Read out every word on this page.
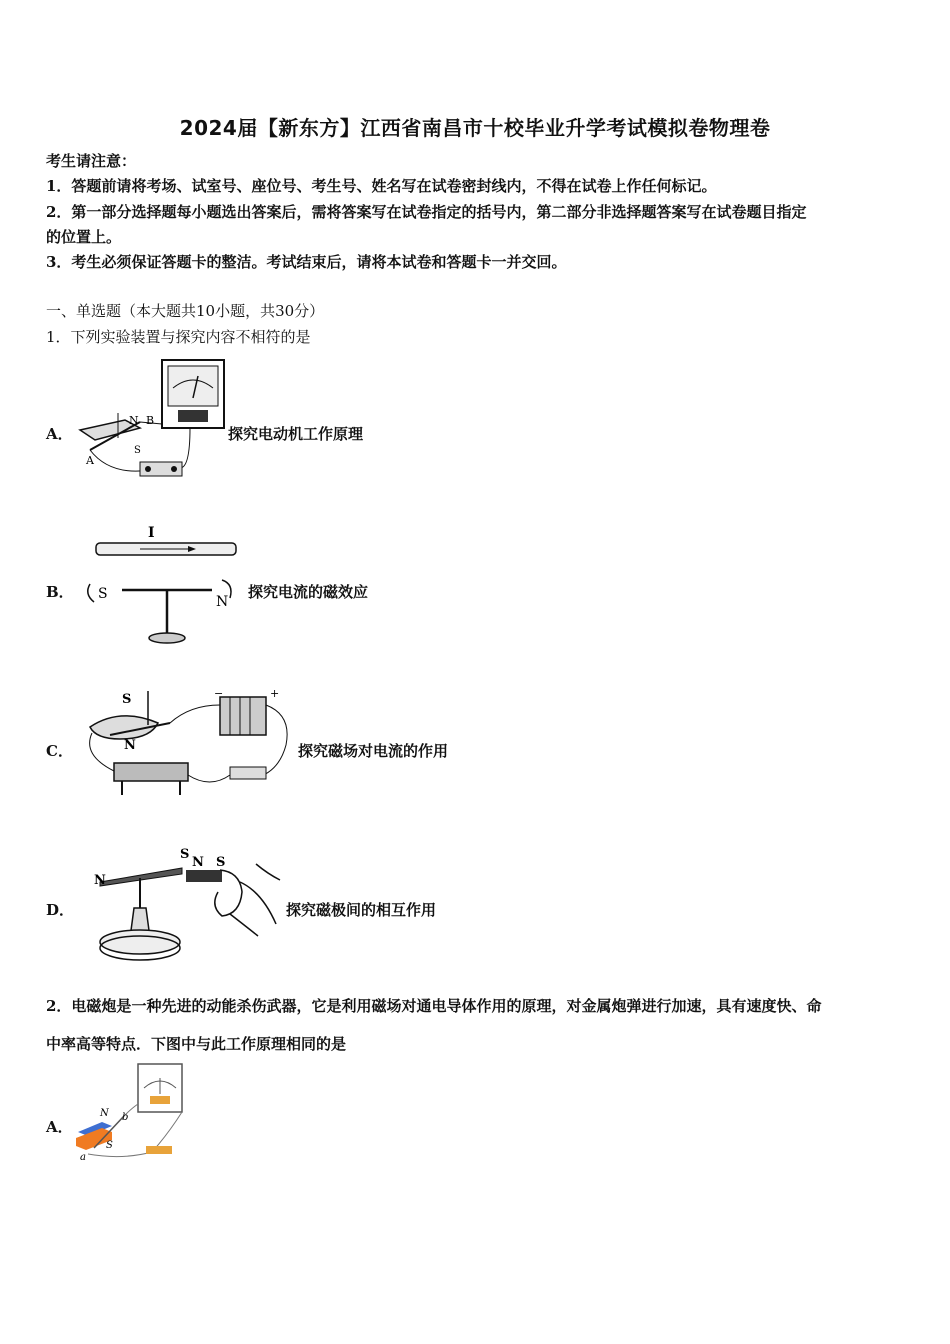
2024届【新东方】江西省南昌市十校毕业升学考试模拟卷物理卷
考生请注意：
1．答题前请将考场、试室号、座位号、考生号、姓名写在试卷密封线内，不得在试卷上作任何标记。
2．第一部分选择题每小题选出答案后，需将答案写在试卷指定的括号内，第二部分非选择题答案写在试卷题目指定
的位置上。
3．考生必须保证答题卡的整洁。考试结束后，请将本试卷和答题卡一并交回。
一、单选题（本大题共10小题，共30分）
1．下列实验装置与探究内容不相符的是
A．
N B
S
A
探究电动机工作原理
B．
I
S	N
探究电流的磁效应
C．
S
N
−	+
探究磁场对电流的作用
D．
N
S
N S
探究磁极间的相互作用
2．电磁炮是一种先进的动能杀伤武器，它是利用磁场对通电导体作用的原理，对金属炮弹进行加速，具有速度快、命
中率高等特点．下图中与此工作原理相同的是
A．
N b
S
a
